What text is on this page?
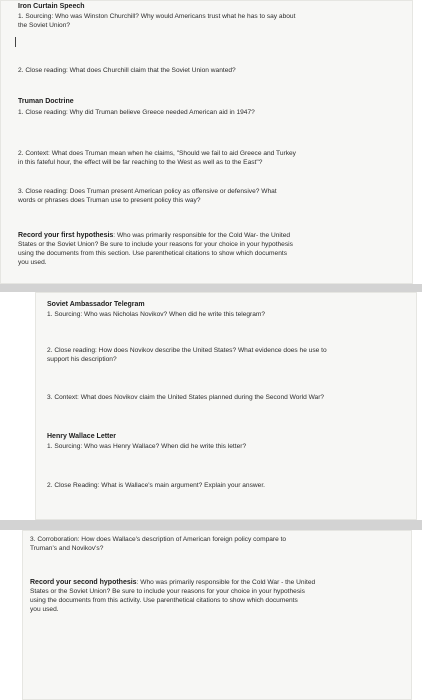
Iron Curtain Speech
1. Sourcing: Who was Winston Churchill? Why would Americans trust what he has to say about
the Soviet Union?
2. Close reading: What does Churchill claim that the Soviet Union wanted?
Truman Doctrine
1. Close reading: Why did Truman believe Greece needed American aid in 1947?
2. Context: What does Truman mean when he claims, "Should we fail to aid Greece and Turkey
in this fateful hour, the effect will be far reaching to the West as well as to the East"?
3. Close reading: Does Truman present American policy as offensive or defensive? What
words or phrases does Truman use to present policy this way?
Record your first hypothesis: Who was primarily responsible for the Cold War- the United
States or the Soviet Union? Be sure to include your reasons for your choice in your hypothesis
using the documents from this section. Use parenthetical citations to show which documents
you used.
Soviet Ambassador Telegram
1. Sourcing: Who was Nicholas Novikov? When did he write this telegram?
2. Close reading: How does Novikov describe the United States? What evidence does he use to
support his description?
3. Context: What does Novikov claim the United States planned during the Second World War?
Henry Wallace Letter
1. Sourcing: Who was Henry Wallace? When did he write this letter?
2. Close Reading: What is Wallace's main argument? Explain your answer.
3. Corroboration: How does Wallace's description of American foreign policy compare to
Truman's and Novikov's?
Record your second hypothesis: Who was primarily responsible for the Cold War - the United
States or the Soviet Union? Be sure to include your reasons for your choice in your hypothesis
using the documents from this activity. Use parenthetical citations to show which documents
you used.
